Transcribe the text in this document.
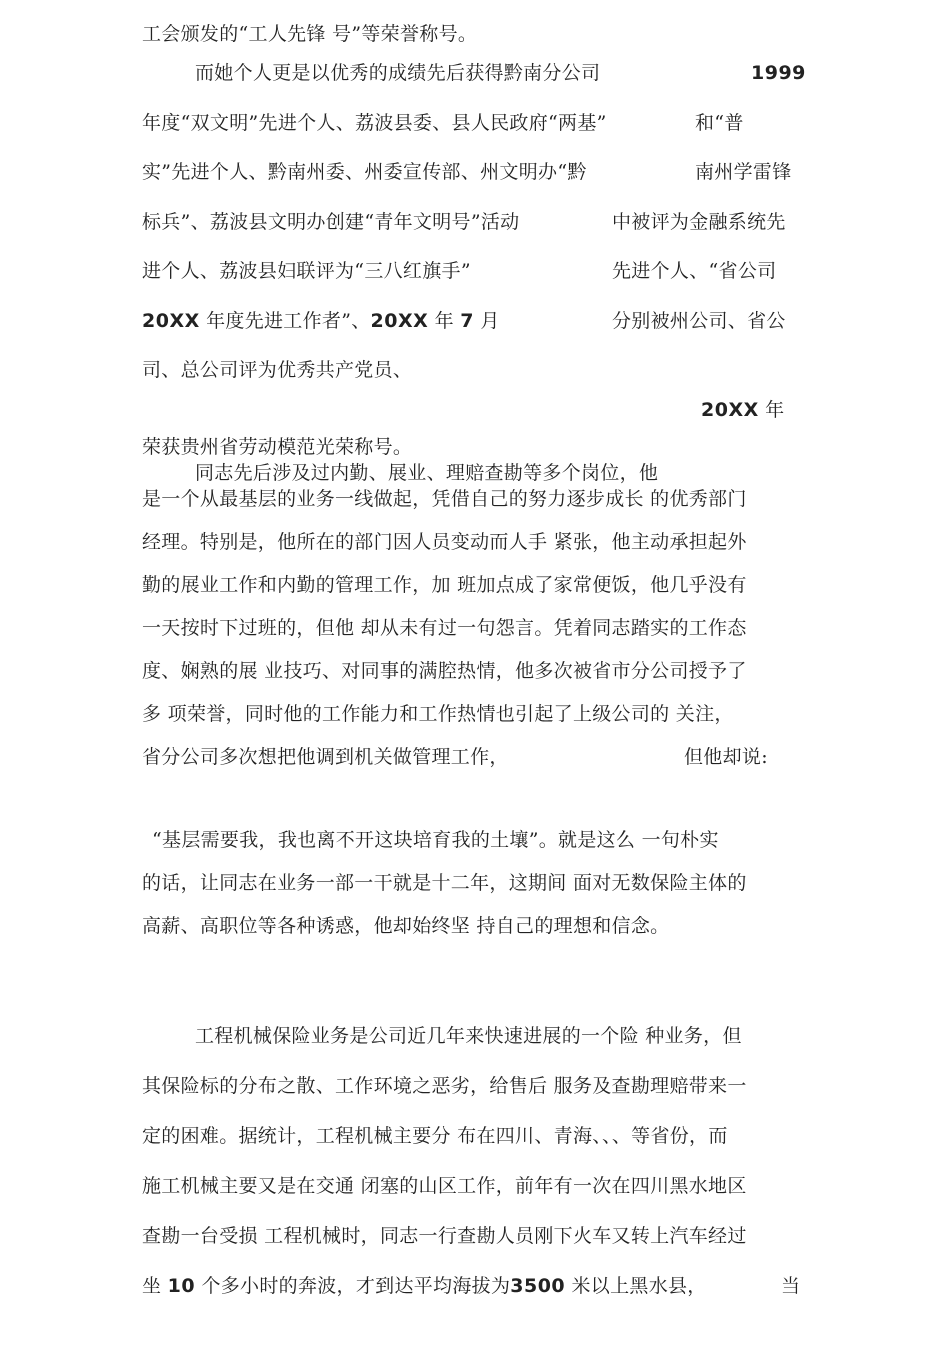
工会颁发的“工人先锋 号”等荣誉称号。
而她个人更是以优秀的成绩先后获得黔南分公司	1999
年度“双文明”先进个人、荔波县委、县人民政府“两基”	和“普
实”先进个人、黔南州委、州委宣传部、州文明办“黔	南州学雷锋
标兵”、荔波县文明办创建“青年文明号”活动	中被评为金融系统先
进个人、荔波县妇联评为“三八红旗手”	先进个人、“省公司
20XX 年度先进工作者”、20XX 年 7 月	分别被州公司、省公
司、总公司评为优秀共产党员、
20XX 年
荣获贵州省劳动模范光荣称号。
同志先后涉及过内勤、展业、理赔查勘等多个岗位，他
是一个从最基层的业务一线做起，凭借自己的努力逐步成长 的优秀部门
经理。特别是，他所在的部门因人员变动而人手 紧张，他主动承担起外
勤的展业工作和内勤的管理工作，加 班加点成了家常便饭，他几乎没有
一天按时下过班的，但他 却从未有过一句怨言。凭着同志踏实的工作态
度、娴熟的展 业技巧、对同事的满腔热情，他多次被省市分公司授予了
多 项荣誉，同时他的工作能力和工作热情也引起了上级公司的 关注，
省分公司多次想把他调到机关做管理工作，	但他却说:
“基层需要我，我也离不开这块培育我的土壤”。就是这么 一句朴实
的话，让同志在业务一部一干就是十二年，这期间 面对无数保险主体的
高薪、高职位等各种诱惑，他却始终坚 持自己的理想和信念。
工程机械保险业务是公司近几年来快速进展的一个险 种业务，但
其保险标的分布之散、工作环境之恶劣，给售后 服务及查勘理赔带来一
定的困难。据统计，工程机械主要分 布在四川、青海、、、等省份，而
施工机械主要又是在交通 闭塞的山区工作，前年有一次在四川黑水地区
查勘一台受损 工程机械时，同志一行查勘人员刚下火车又转上汽车经过
坐 10 个多小时的奔波，才到达平均海拔为3500 米以上黑水县，	当
